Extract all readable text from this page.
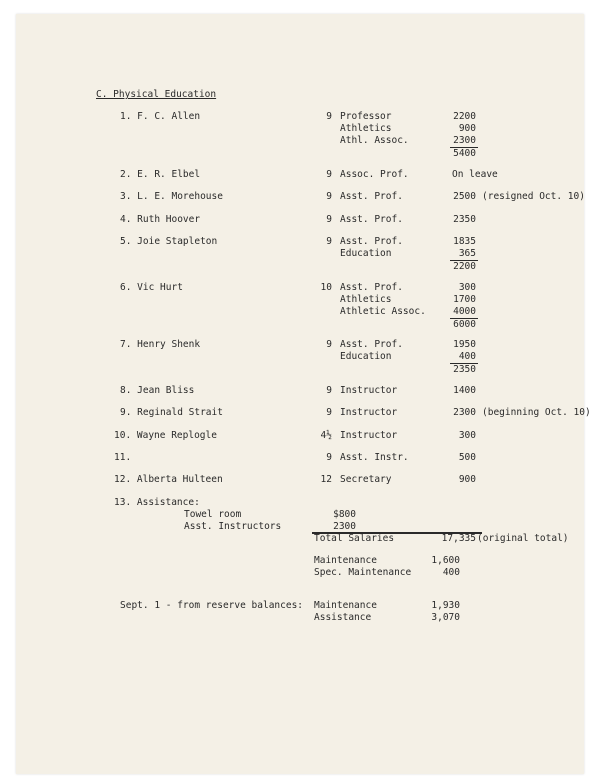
C. Physical Education
1. F. C. Allen	9 Professor	2200
Athletics	900
Athl. Assoc.	2300
5400
2. E. R. Elbel	9 Assoc. Prof.	On leave
3. L. E. Morehouse	9 Asst. Prof.	2500 (resigned Oct. 10)
4. Ruth Hoover	9 Asst. Prof.	2350
5. Joie Stapleton	9 Asst. Prof.	1835
Education	365
2200
6. Vic Hurt	10 Asst. Prof.	300
Athletics	1700
Athletic Assoc.	4000
6000
7. Henry Shenk	9 Asst. Prof.	1950
Education	400
2350
8. Jean Bliss	9 Instructor	1400
9. Reginald Strait	9 Instructor	2300 (beginning Oct. 10)
10. Wayne Replogle	4½ Instructor	300
11.	9 Asst. Instr.	500
12. Alberta Hulteen	12 Secretary	900
13. Assistance:
Towel room	$800
Asst. Instructors	2300
Total Salaries	17,335 (original total)
Maintenance	1,600
Spec. Maintenance	400
Sept. 1 - from reserve balances: Maintenance	1,930
Assistance	3,070
